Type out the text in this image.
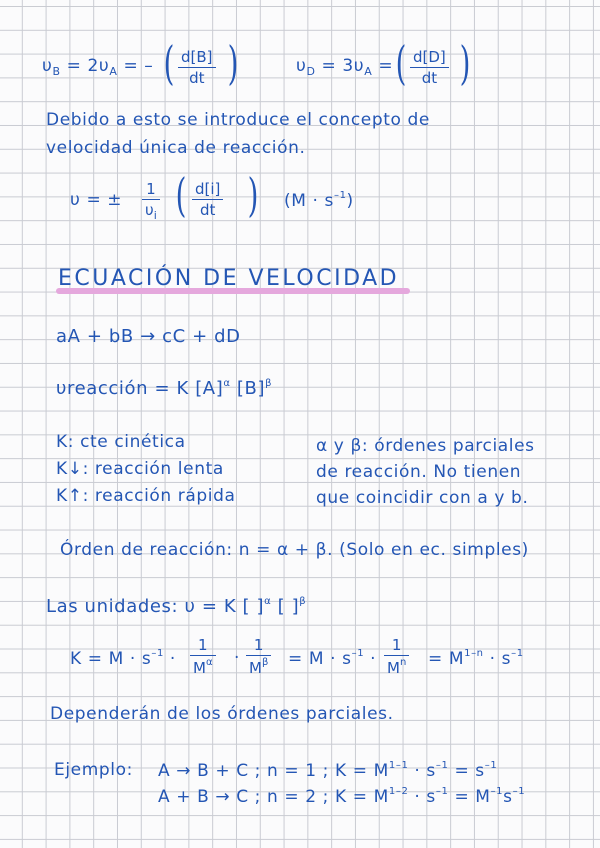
$\upsilon_B = 2\upsilon_A$ = – ( d[B]
dt )	$\upsilon_D = 3\upsilon_A$ = ( d[D]
dt )
Debido a esto se introduce el concepto de
velocidad única de reacción.
υ = ±
1
$\upsilon_i$ ( d[i]
dt ) $(M \cdot s^{-1})$
ECUACIÓN DE VELOCIDAD
aA + bB → cC + dD
υreacción = K $[A]^\alpha$ $[B]^\beta$
K: cte cinética
K↓: reacción lenta
K↑: reacción rápida
α y β: órdenes parciales
de reacción. No tienen
que coincidir con a y b.
Órden de reacción: n = α + β. (Solo en ec. simples)
Las unidades: υ = K [ ]$^\alpha$ [ ]$^\beta$
$K = M \cdot s^{-1}$ ·
1
$M^\alpha$ ·
1
$M^\beta = M \cdot s^{-1}$ ·
1
$M^n = M^{1-n} \cdot s^{-1}$
Dependerán de los órdenes parciales.
Ejemplo: A → B + C ; n = 1 ; $K = M^{1-1} \cdot s^{-1} = s^{-1}$
A + B → C ; n = 2 ; $K = M^{1-2} \cdot s^{-1} = M^{-1}s^{-1}$
